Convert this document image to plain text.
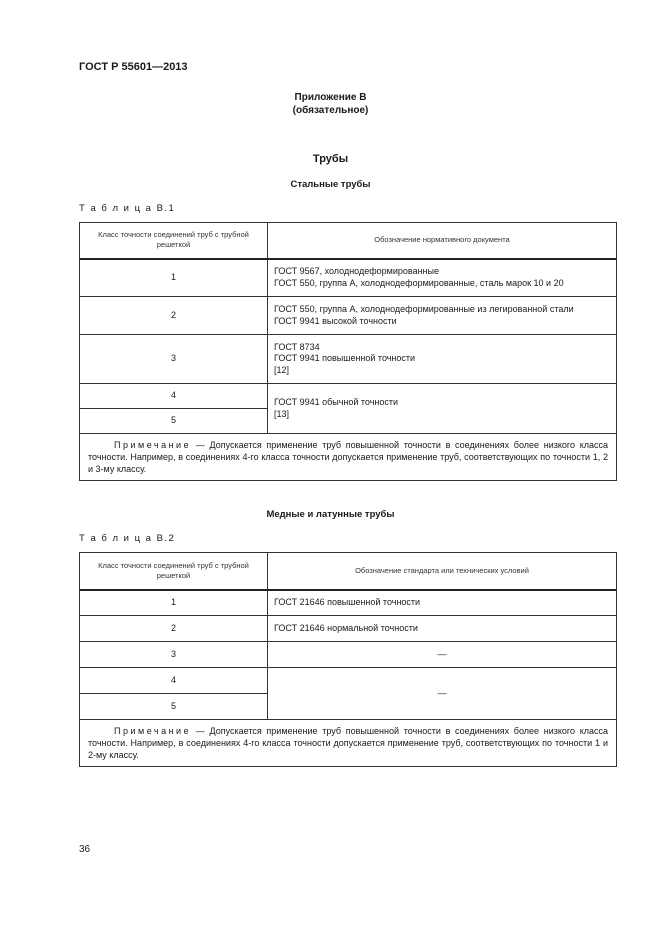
ГОСТ Р 55601—2013
Приложение В
(обязательное)
Трубы
Стальные трубы
Т а б л и ц а В.1
Класс точности соединений труб с трубной решеткой	Обозначение нормативного документа
1	ГОСТ 9567, холоднодеформированные
ГОСТ 550, группа А, холоднодеформированные, сталь марок 10 и 20

2	ГОСТ 550, группа А, холоднодеформированные из легированной стали
ГОСТ 9941 высокой точности

3	ГОСТ 8734
ГОСТ 9941 повышенной точности
[12]

4	ГОСТ 9941 обычной точности
[13]

5	
Примечание — Допускается применение труб повышенной точности в соединениях более низкого класса точности. Например, в соединениях 4-го класса точности допускается применение труб, соответствующих по точности 1, 2 и 3-му классу.	
Медные и латунные трубы
Т а б л и ц а В.2
Класс точности соединений труб с трубной решеткой	Обозначение стандарта или технических условий
1	ГОСТ 21646 повышенной точности
2	ГОСТ 21646 нормальной точности
3	—
4	—
5	
Примечание — Допускается применение труб повышенной точности в соединениях более низкого класса точности. Например, в соединениях 4-го класса точности допускается применение труб, соответствующих по точности 1 и 2-му классу.	
36
